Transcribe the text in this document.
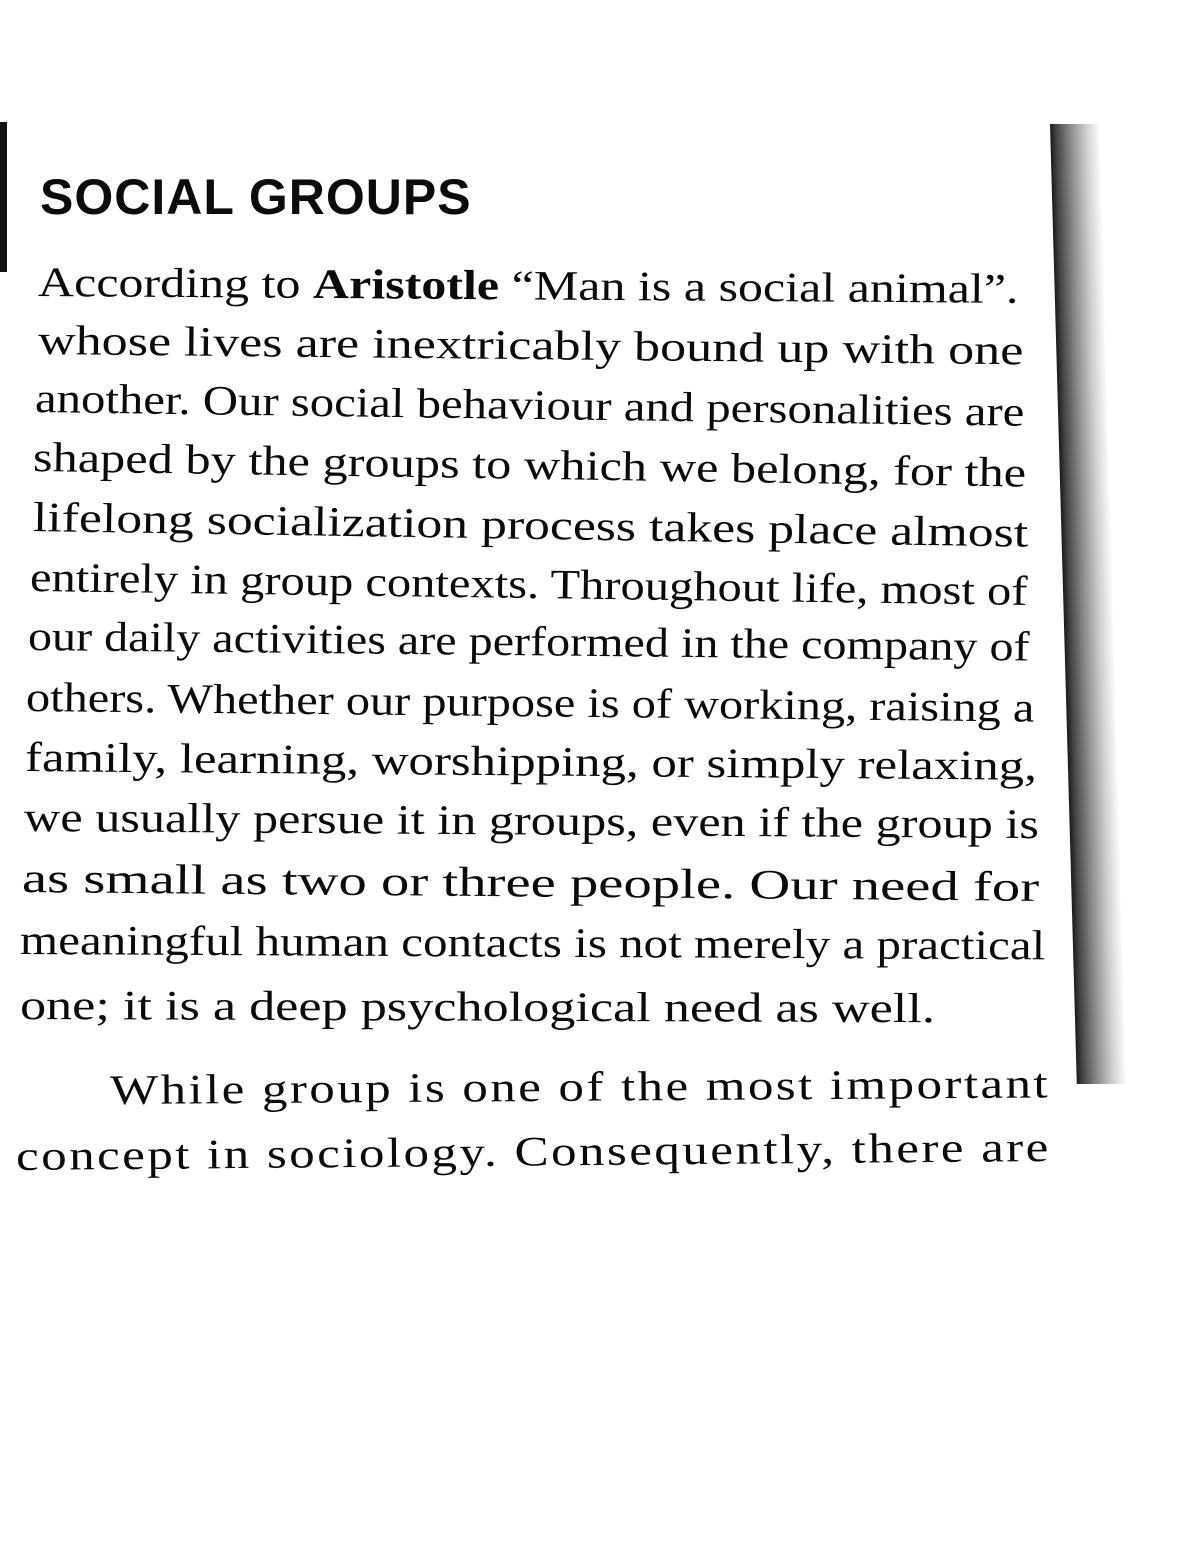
SOCIAL GROUPS
According to Aristotle “Man is a social animal”.
whose lives are inextricably bound up with one
another. Our social behaviour and personalities are
shaped by the groups to which we belong, for the
lifelong socialization process takes place almost
entirely in group contexts. Throughout life, most of
our daily activities are performed in the company of
others. Whether our purpose is of working, raising a
family, learning, worshipping, or simply relaxing,
we usually persue it in groups, even if the group is
as small as two or three people. Our need for
meaningful human contacts is not merely a practical
one; it is a deep psychological need as well.
While group is one of the most important
concept in sociology. Consequently, there are
